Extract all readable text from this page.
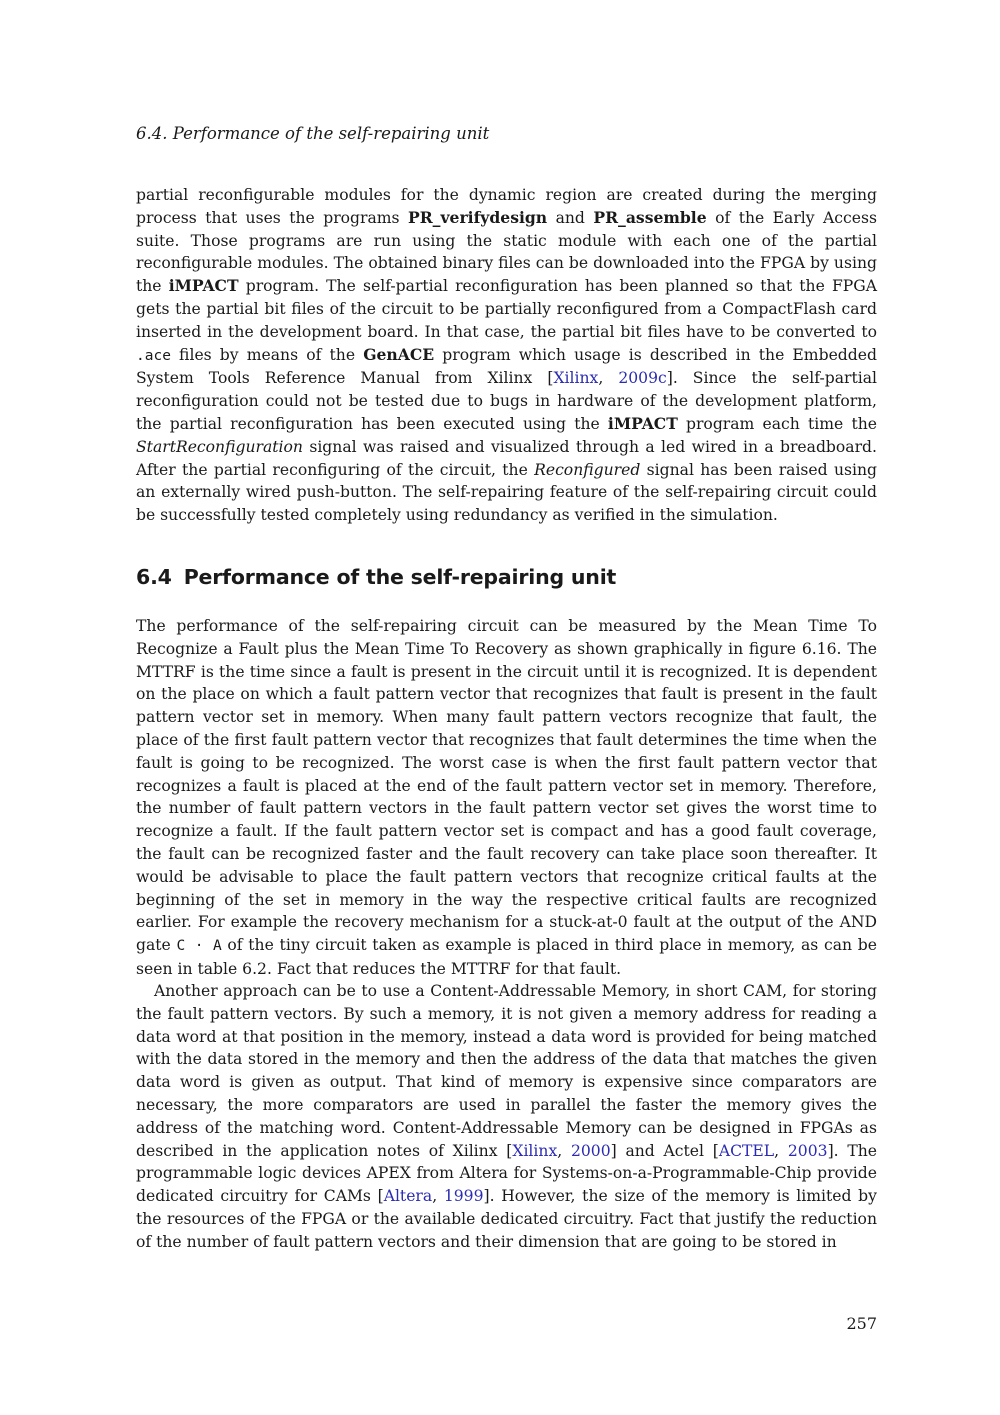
6.4. Performance of the self-repairing unit

partial reconfigurable modules for the dynamic region are created during the merging process that uses the programs PR_verifydesign and PR_assemble of the Early Access suite. Those programs are run using the static module with each one of the partial reconfigurable modules. The obtained binary files can be downloaded into the FPGA by using the iMPACT program. The self-partial reconfiguration has been planned so that the FPGA gets the partial bit files of the circuit to be partially reconfigured from a CompactFlash card inserted in the development board. In that case, the partial bit files have to be converted to .ace files by means of the GenACE program which usage is described in the Embedded System Tools Reference Manual from Xilinx [Xilinx, 2009c]. Since the self-partial reconfiguration could not be tested due to bugs in hardware of the development platform, the partial reconfiguration has been executed using the iMPACT program each time the StartReconfiguration signal was raised and visualized through a led wired in a breadboard. After the partial reconfiguring of the circuit, the Reconfigured signal has been raised using an externally wired push-button. The self-repairing feature of the self-repairing circuit could be successfully tested completely using redundancy as verified in the simulation.

6.4 Performance of the self-repairing unit

The performance of the self-repairing circuit can be measured by the Mean Time To Recognize a Fault plus the Mean Time To Recovery as shown graphically in figure 6.16. The MTTRF is the time since a fault is present in the circuit until it is recognized. It is dependent on the place on which a fault pattern vector that recognizes that fault is present in the fault pattern vector set in memory. When many fault pattern vectors recognize that fault, the place of the first fault pattern vector that recognizes that fault determines the time when the fault is going to be recognized. The worst case is when the first fault pattern vector that recognizes a fault is placed at the end of the fault pattern vector set in memory. Therefore, the number of fault pattern vectors in the fault pattern vector set gives the worst time to recognize a fault. If the fault pattern vector set is compact and has a good fault coverage, the fault can be recognized faster and the fault recovery can take place soon thereafter. It would be advisable to place the fault pattern vectors that recognize critical faults at the beginning of the set in memory in the way the respective critical faults are recognized earlier. For example the recovery mechanism for a stuck-at-0 fault at the output of the AND gate C · A of the tiny circuit taken as example is placed in third place in memory, as can be seen in table 6.2. Fact that reduces the MTTRF for that fault.

Another approach can be to use a Content-Addressable Memory, in short CAM, for storing the fault pattern vectors. By such a memory, it is not given a memory address for reading a data word at that position in the memory, instead a data word is provided for being matched with the data stored in the memory and then the address of the data that matches the given data word is given as output. That kind of memory is expensive since comparators are necessary, the more comparators are used in parallel the faster the memory gives the address of the matching word. Content-Addressable Memory can be designed in FPGAs as described in the application notes of Xilinx [Xilinx, 2000] and Actel [ACTEL, 2003]. The programmable logic devices APEX from Altera for Systems-on-a-Programmable-Chip provide dedicated circuitry for CAMs [Altera, 1999]. However, the size of the memory is limited by the resources of the FPGA or the available dedicated circuitry. Fact that justify the reduction of the number of fault pattern vectors and their dimension that are going to be stored in

257
